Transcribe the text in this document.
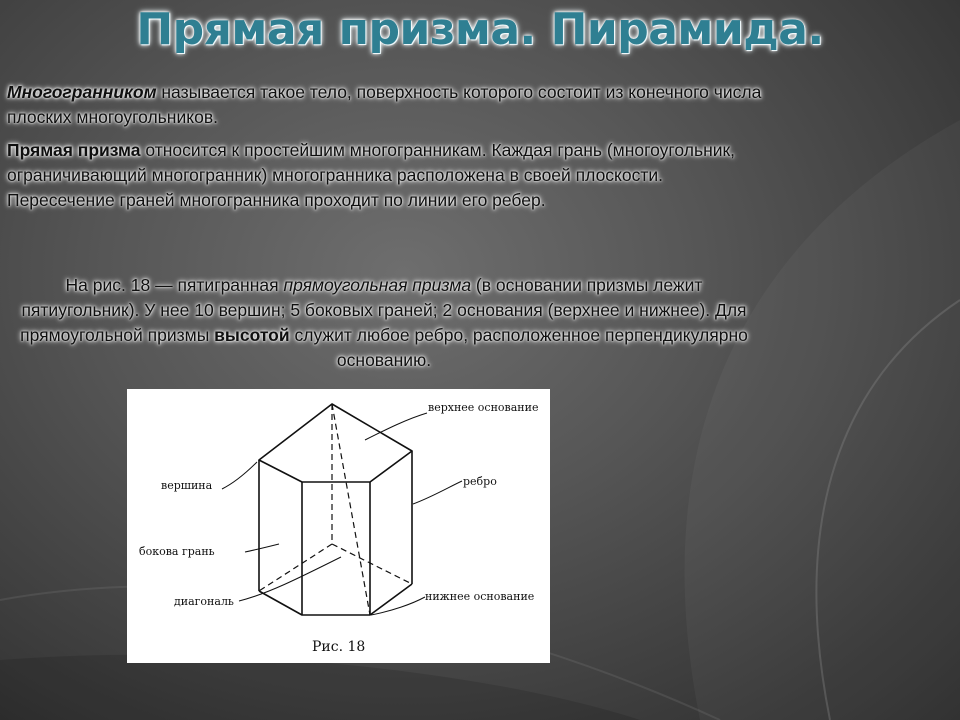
Прямая призма. Пирамида.
Многогранником называется такое тело, поверхность которого состоит из конечного числа плоских многоугольников.
Прямая призма относится к простейшим многогранникам. Каждая грань (многоугольник, ограничивающий многогранник) многогранника расположена в своей плоскости. Пересечение граней многогранника проходит по линии его ребер.
На рис. 18 — пятигранная прямоугольная призма (в основании призмы лежит пятиугольник). У нее 10 вершин; 5 боковых граней; 2 основания (верхнее и нижнее). Для прямоугольной призмы высотой служит любое ребро, расположенное перпендикулярно основанию.
верхнее основание
вершина	ребро
бокова грань
диагональ	нижнее основание
Рис. 18
